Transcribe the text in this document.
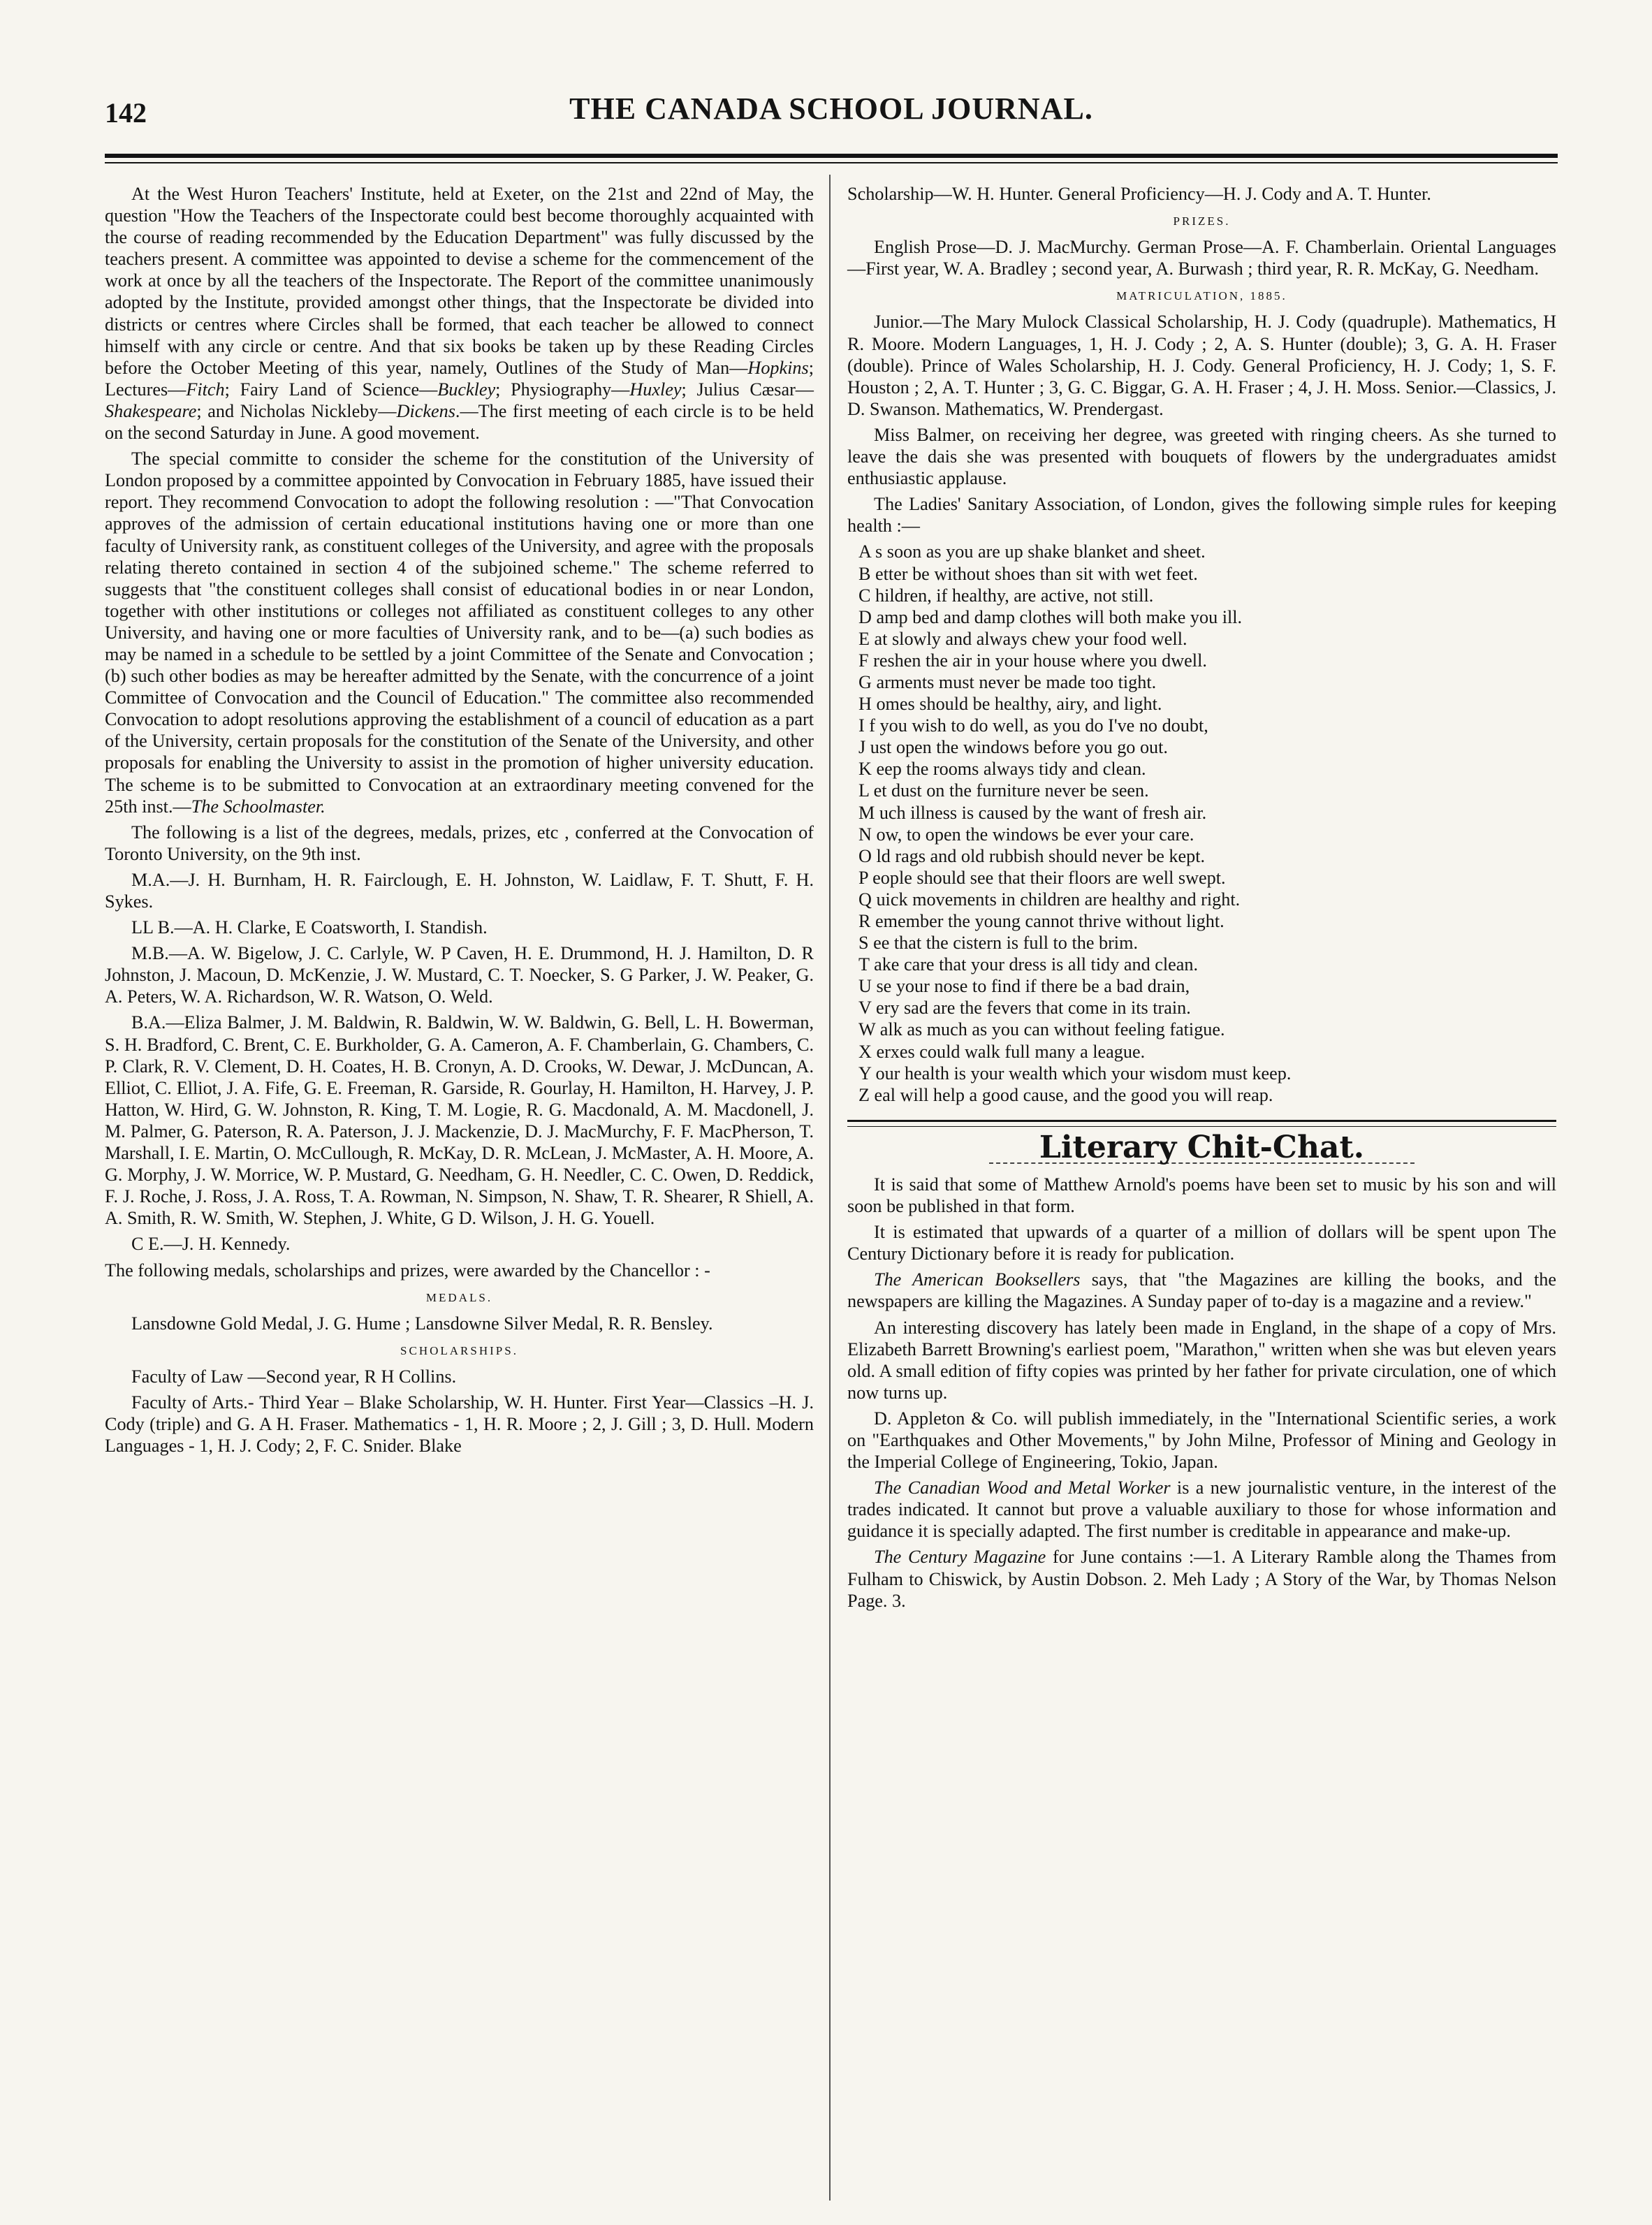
142	THE CANADA SCHOOL JOURNAL.

At the West Huron Teachers' Institute, held at Exeter, on the 21st and 22nd of May, the question "How the Teachers of the Inspectorate could best become thoroughly acquainted with the course of reading recommended by the Education Department" was fully discussed by the teachers present. A committee was appointed to devise a scheme for the commencement of the work at once by all the teachers of the Inspectorate. The Report of the committee unanimously adopted by the Institute, provided amongst other things, that the Inspectorate be divided into districts or centres where Circles shall be formed, that each teacher be allowed to connect himself with any circle or centre. And that six books be taken up by these Reading Circles before the October Meeting of this year, namely, Outlines of the Study of Man—Hopkins; Lectures—Fitch; Fairy Land of Science—Buckley; Physiography—Huxley; Julius Cæsar—Shakespeare; and Nicholas Nickleby—Dickens.—The first meeting of each circle is to be held on the second Saturday in June. A good movement.

The special committe to consider the scheme for the constitution of the University of London proposed by a committee appointed by Convocation in February 1885, have issued their report. They recommend Convocation to adopt the following resolution : —"That Convocation approves of the admission of certain educational institutions having one or more than one faculty of University rank, as constituent colleges of the University, and agree with the proposals relating thereto contained in section 4 of the subjoined scheme." The scheme referred to suggests that "the constituent colleges shall consist of educational bodies in or near London, together with other institutions or colleges not affiliated as constituent colleges to any other University, and having one or more faculties of University rank, and to be—(a) such bodies as may be named in a schedule to be settled by a joint Committee of the Senate and Convocation ; (b) such other bodies as may be hereafter admitted by the Senate, with the concurrence of a joint Committee of Convocation and the Council of Education." The committee also recommended Convocation to adopt resolutions approving the establishment of a council of education as a part of the University, certain proposals for the constitution of the Senate of the University, and other proposals for enabling the University to assist in the promotion of higher university education. The scheme is to be submitted to Convocation at an extraordinary meeting convened for the 25th inst.—The Schoolmaster.

The following is a list of the degrees, medals, prizes, etc , conferred at the Convocation of Toronto University, on the 9th inst.

M.A.—J. H. Burnham, H. R. Fairclough, E. H. Johnston, W. Laidlaw, F. T. Shutt, F. H. Sykes.

LL B.—A. H. Clarke, E Coatsworth, I. Standish.

M.B.—A. W. Bigelow, J. C. Carlyle, W. P Caven, H. E. Drummond, H. J. Hamilton, D. R Johnston, J. Macoun, D. McKenzie, J. W. Mustard, C. T. Noecker, S. G Parker, J. W. Peaker, G. A. Peters, W. A. Richardson, W. R. Watson, O. Weld.

B.A.—Eliza Balmer, J. M. Baldwin, R. Baldwin, W. W. Baldwin, G. Bell, L. H. Bowerman, S. H. Bradford, C. Brent, C. E. Burkholder, G. A. Cameron, A. F. Chamberlain, G. Chambers, C. P. Clark, R. V. Clement, D. H. Coates, H. B. Cronyn, A. D. Crooks, W. Dewar, J. McDuncan, A. Elliot, C. Elliot, J. A. Fife, G. E. Freeman, R. Garside, R. Gourlay, H. Hamilton, H. Harvey, J. P. Hatton, W. Hird, G. W. Johnston, R. King, T. M. Logie, R. G. Macdonald, A. M. Macdonell, J. M. Palmer, G. Paterson, R. A. Paterson, J. J. Mackenzie, D. J. MacMurchy, F. F. MacPherson, T. Marshall, I. E. Martin, O. McCullough, R. McKay, D. R. McLean, J. McMaster, A. H. Moore, A. G. Morphy, J. W. Morrice, W. P. Mustard, G. Needham, G. H. Needler, C. C. Owen, D. Reddick, F. J. Roche, J. Ross, J. A. Ross, T. A. Rowman, N. Simpson, N. Shaw, T. R. Shearer, R Shiell, A. A. Smith, R. W. Smith, W. Stephen, J. White, G D. Wilson, J. H. G. Youell.

C E.—J. H. Kennedy.

The following medals, scholarships and prizes, were awarded by the Chancellor : -

MEDALS.

Lansdowne Gold Medal, J. G. Hume ; Lansdowne Silver Medal, R. R. Bensley.

SCHOLARSHIPS.

Faculty of Law —Second year, R H Collins.

Faculty of Arts.- Third Year – Blake Scholarship, W. H. Hunter. First Year—Classics –H. J. Cody (triple) and G. A H. Fraser. Mathematics - 1, H. R. Moore ; 2, J. Gill ; 3, D. Hull. Modern Languages - 1, H. J. Cody; 2, F. C. Snider. Blake

Scholarship—W. H. Hunter. General Proficiency—H. J. Cody and A. T. Hunter.

PRIZES.

English Prose—D. J. MacMurchy. German Prose—A. F. Chamberlain. Oriental Languages—First year, W. A. Bradley ; second year, A. Burwash ; third year, R. R. McKay, G. Needham.

MATRICULATION, 1885.

Junior.—The Mary Mulock Classical Scholarship, H. J. Cody (quadruple). Mathematics, H R. Moore. Modern Languages, 1, H. J. Cody ; 2, A. S. Hunter (double); 3, G. A. H. Fraser (double). Prince of Wales Scholarship, H. J. Cody. General Proficiency, H. J. Cody; 1, S. F. Houston ; 2, A. T. Hunter ; 3, G. C. Biggar, G. A. H. Fraser ; 4, J. H. Moss. Senior.—Classics, J. D. Swanson. Mathematics, W. Prendergast.

Miss Balmer, on receiving her degree, was greeted with ringing cheers. As she turned to leave the dais she was presented with bouquets of flowers by the undergraduates amidst enthusiastic applause.

The Ladies' Sanitary Association, of London, gives the following simple rules for keeping health :—

A s soon as you are up shake blanket and sheet.
B etter be without shoes than sit with wet feet.
C hildren, if healthy, are active, not still.
D amp bed and damp clothes will both make you ill.
E at slowly and always chew your food well.
F reshen the air in your house where you dwell.
G arments must never be made too tight.
H omes should be healthy, airy, and light.
I f you wish to do well, as you do I've no doubt,
J ust open the windows before you go out.
K eep the rooms always tidy and clean.
L et dust on the furniture never be seen.
M uch illness is caused by the want of fresh air.
N ow, to open the windows be ever your care.
O ld rags and old rubbish should never be kept.
P eople should see that their floors are well swept.
Q uick movements in children are healthy and right.
R emember the young cannot thrive without light.
S ee that the cistern is full to the brim.
T ake care that your dress is all tidy and clean.
U se your nose to find if there be a bad drain,
V ery sad are the fevers that come in its train.
W alk as much as you can without feeling fatigue.
X erxes could walk full many a league.
Y our health is your wealth which your wisdom must keep.
Z eal will help a good cause, and the good you will reap.
Literary Chit-Chat.

It is said that some of Matthew Arnold's poems have been set to music by his son and will soon be published in that form.

It is estimated that upwards of a quarter of a million of dollars will be spent upon The Century Dictionary before it is ready for publication.

The American Booksellers says, that "the Magazines are killing the books, and the newspapers are killing the Magazines. A Sunday paper of to-day is a magazine and a review."

An interesting discovery has lately been made in England, in the shape of a copy of Mrs. Elizabeth Barrett Browning's earliest poem, "Marathon," written when she was but eleven years old. A small edition of fifty copies was printed by her father for private circulation, one of which now turns up.

D. Appleton & Co. will publish immediately, in the "International Scientific series, a work on "Earthquakes and Other Movements," by John Milne, Professor of Mining and Geology in the Imperial College of Engineering, Tokio, Japan.

The Canadian Wood and Metal Worker is a new journalistic venture, in the interest of the trades indicated. It cannot but prove a valuable auxiliary to those for whose information and guidance it is specially adapted. The first number is creditable in appearance and make-up.

The Century Magazine for June contains :—1. A Literary Ramble along the Thames from Fulham to Chiswick, by Austin Dobson. 2. Meh Lady ; A Story of the War, by Thomas Nelson Page. 3.
